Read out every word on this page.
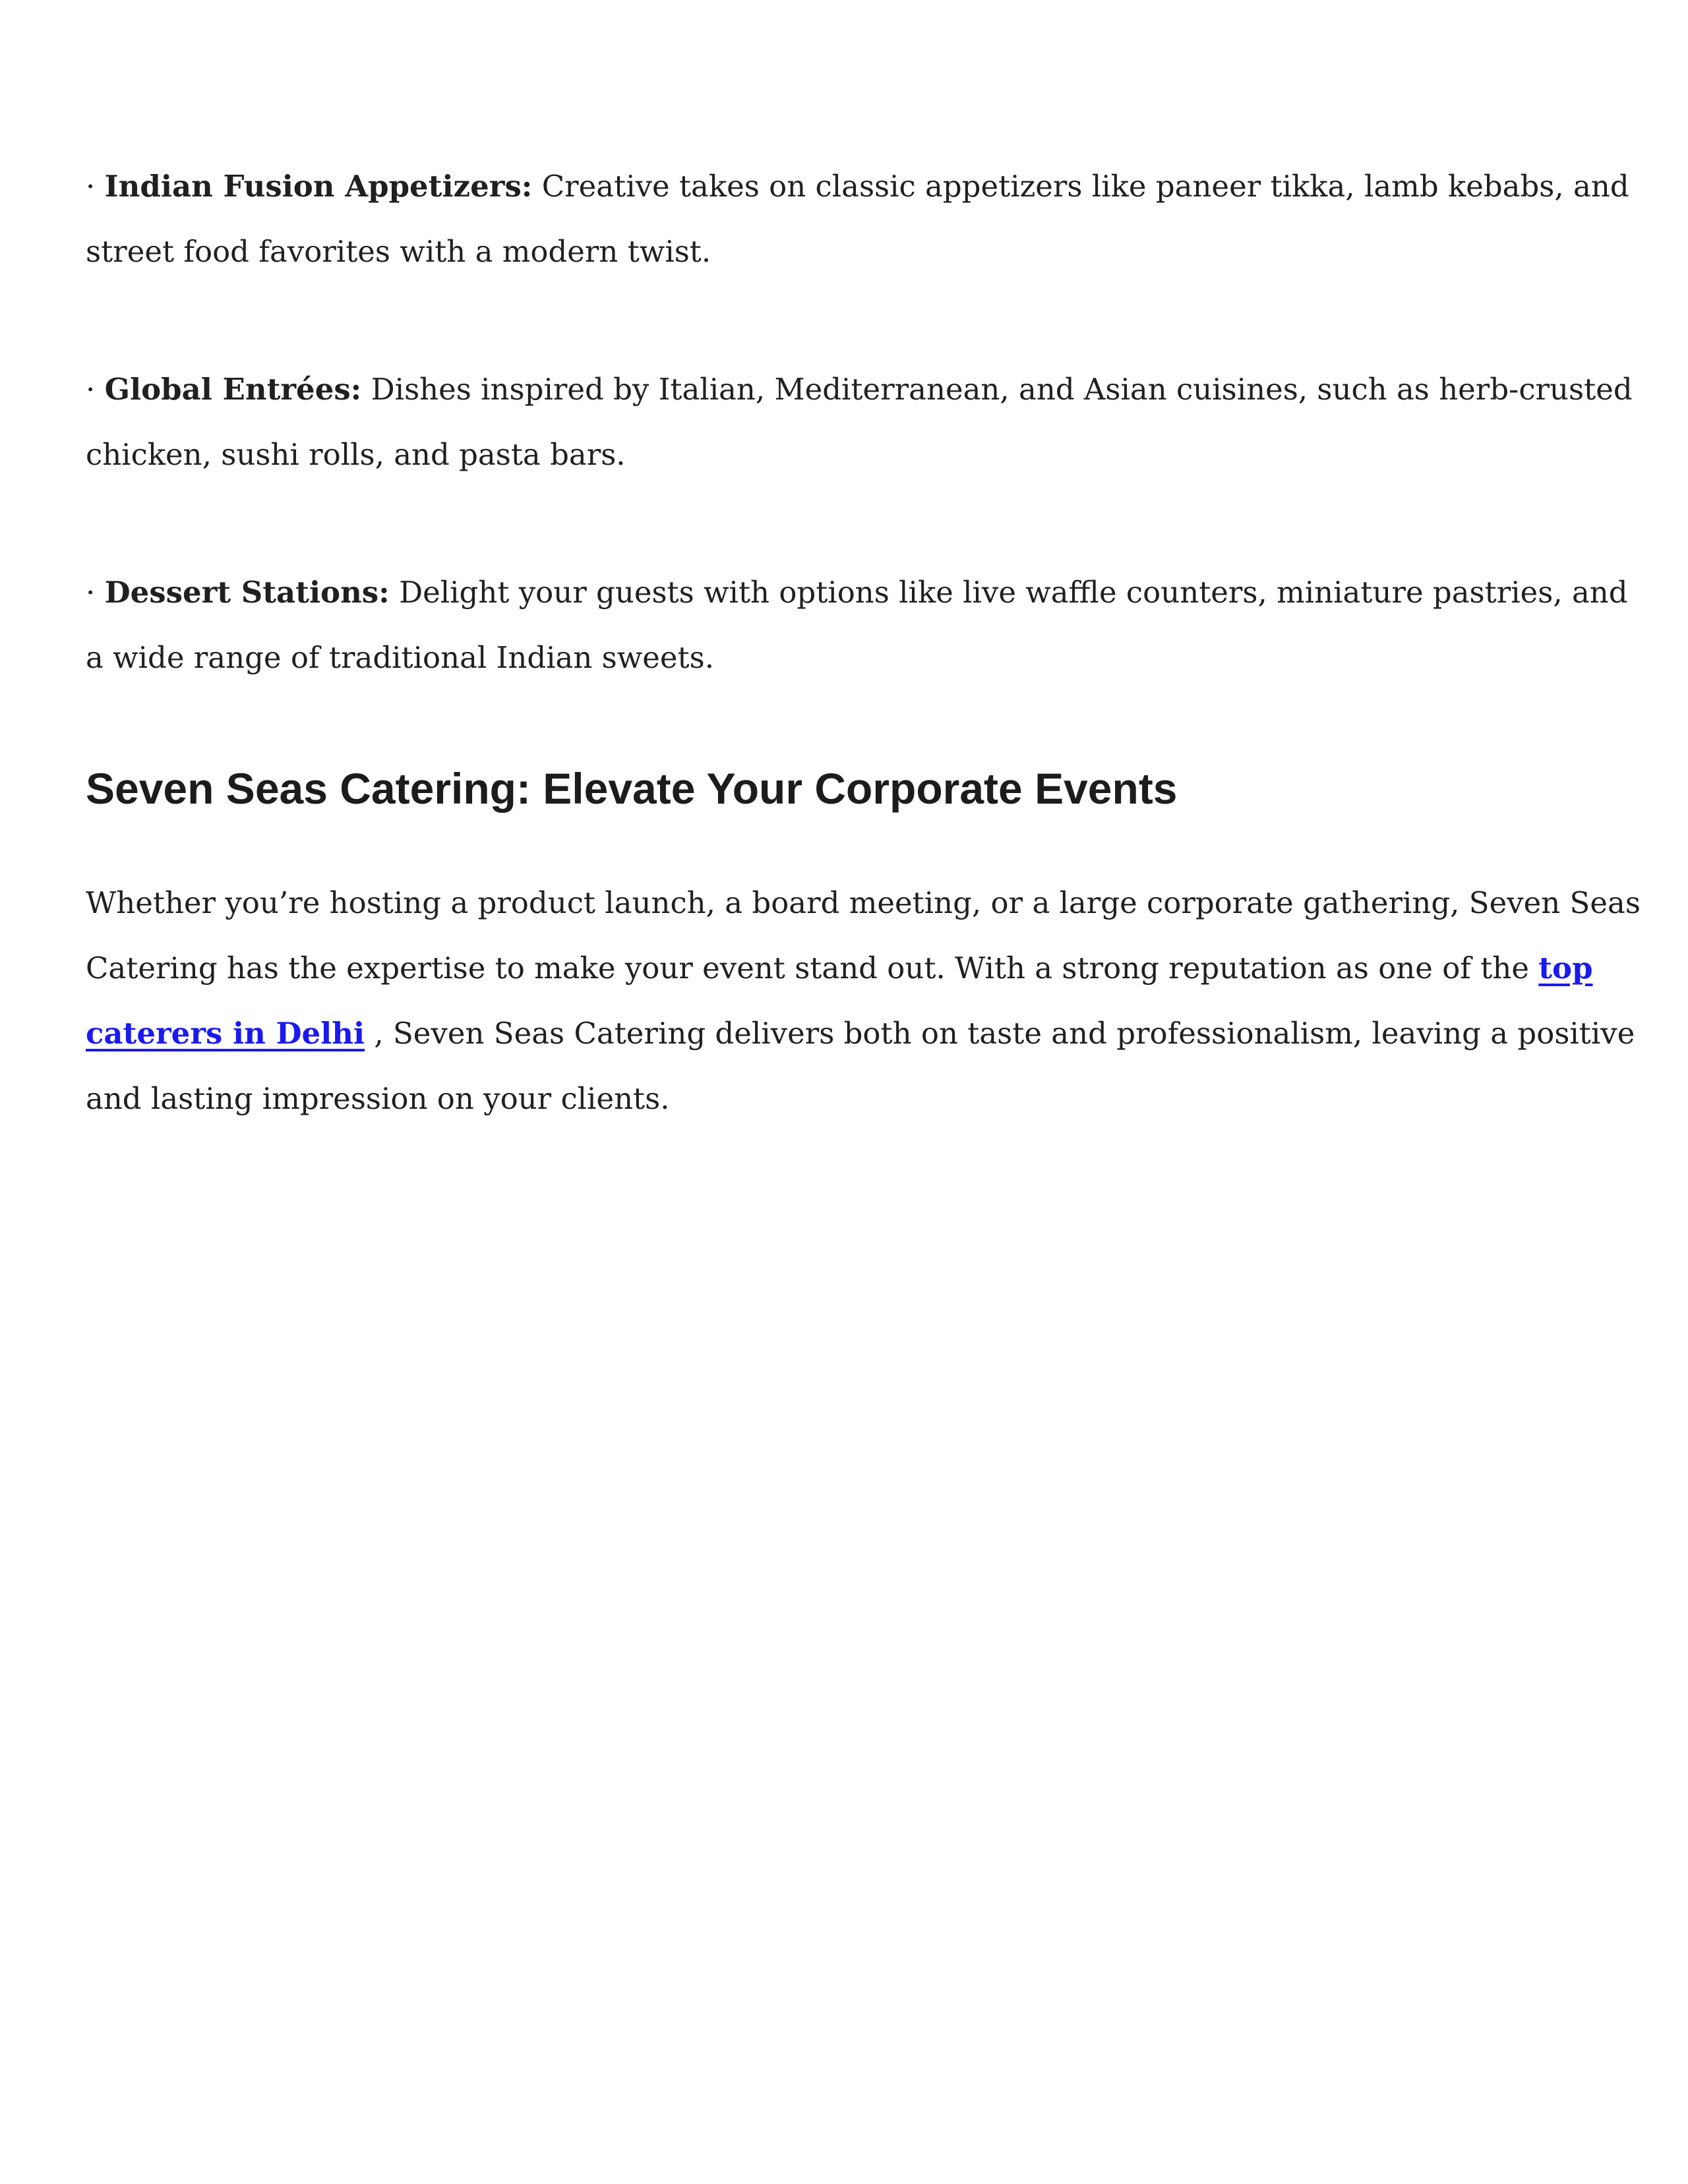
· Indian Fusion Appetizers: Creative takes on classic appetizers like paneer tikka, lamb kebabs, and street food favorites with a modern twist.

· Global Entrées: Dishes inspired by Italian, Mediterranean, and Asian cuisines, such as herb-crusted chicken, sushi rolls, and pasta bars.

· Dessert Stations: Delight your guests with options like live waffle counters, miniature pastries, and a wide range of traditional Indian sweets.

Seven Seas Catering: Elevate Your Corporate Events

Whether you’re hosting a product launch, a board meeting, or a large corporate gathering, Seven Seas Catering has the expertise to make your event stand out. With a strong reputation as one of the top caterers in Delhi , Seven Seas Catering delivers both on taste and professionalism, leaving a positive and lasting impression on your clients.
